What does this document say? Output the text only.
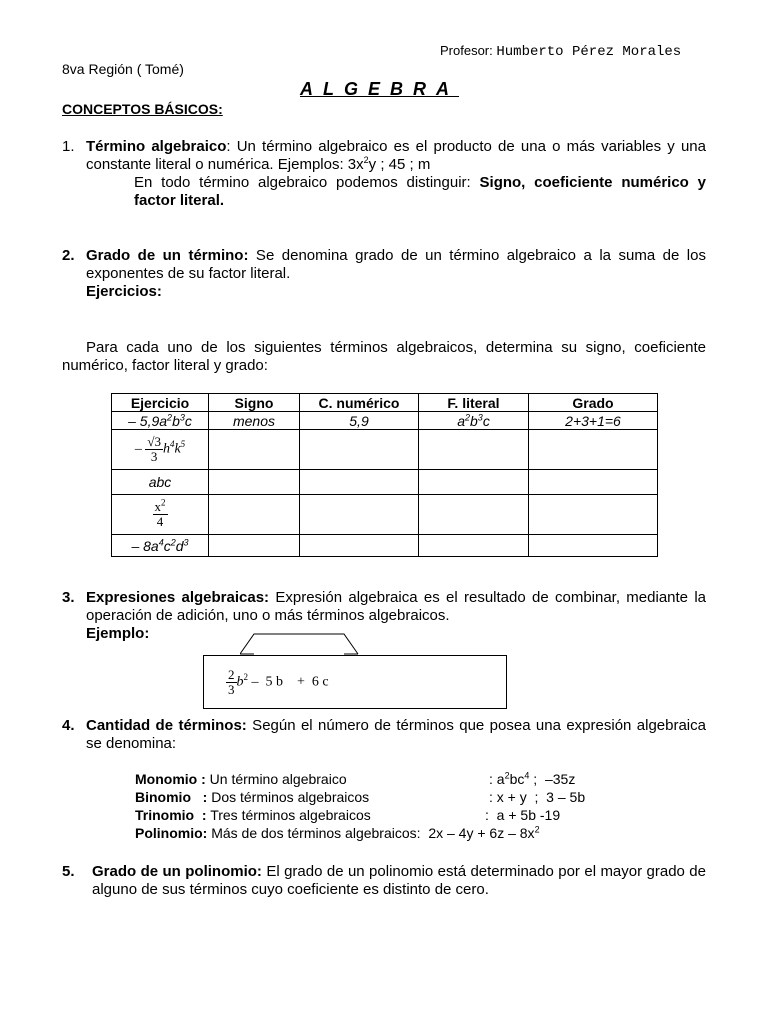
Profesor: Humberto Pérez Morales
8va Región ( Tomé)
ALGEBRA
CONCEPTOS BÁSICOS:
1. Término algebraico: Un término algebraico es el producto de una o más variables y una constante literal o numérica. Ejemplos: $3x^2y$ ; 45 ; m
En todo término algebraico podemos distinguir: Signo, coeficiente numérico y factor literal.
2. Grado de un término: Se denomina grado de un término algebraico a la suma de los exponentes de su factor literal.
Ejercicios:
Para cada uno de los siguientes términos algebraicos, determina su signo, coeficiente numérico, factor literal y grado:
Ejercicio	Signo	C. numérico	F. literal	Grado
– $5,9a^2b^3c$	menos	5,9	$a^2b^3c$	2+3+1=6
– $\frac{√3}{3} h^4k^5$				
abc				

$\frac{x^2}{4}$

– $8a^4c^2d^3$				
3. Expresiones algebraicas: Expresión algebraica es el resultado de combinar, mediante la operación de adición, uno o más términos algebraicos.
Ejemplo:
$\frac{2}{3} b^2 - 5$ b    +  6 c
4. Cantidad de términos: Según el número de términos que posea una expresión algebraica se denomina:
Monomio : Un término algebraico	: $a^2bc^4$ ;  –35z
Binomio   : Dos términos algebraicos	: x + y  ;  3 – 5b
Trinomio  : Tres términos algebraicos	:  a + 5b -19
Polinomio: Más de dos términos algebraicos:  $2x - 4y + 6z - 8x^2$
5. Grado de un polinomio: El grado de un polinomio está determinado por el mayor grado de alguno de sus términos cuyo coeficiente es distinto de cero.
